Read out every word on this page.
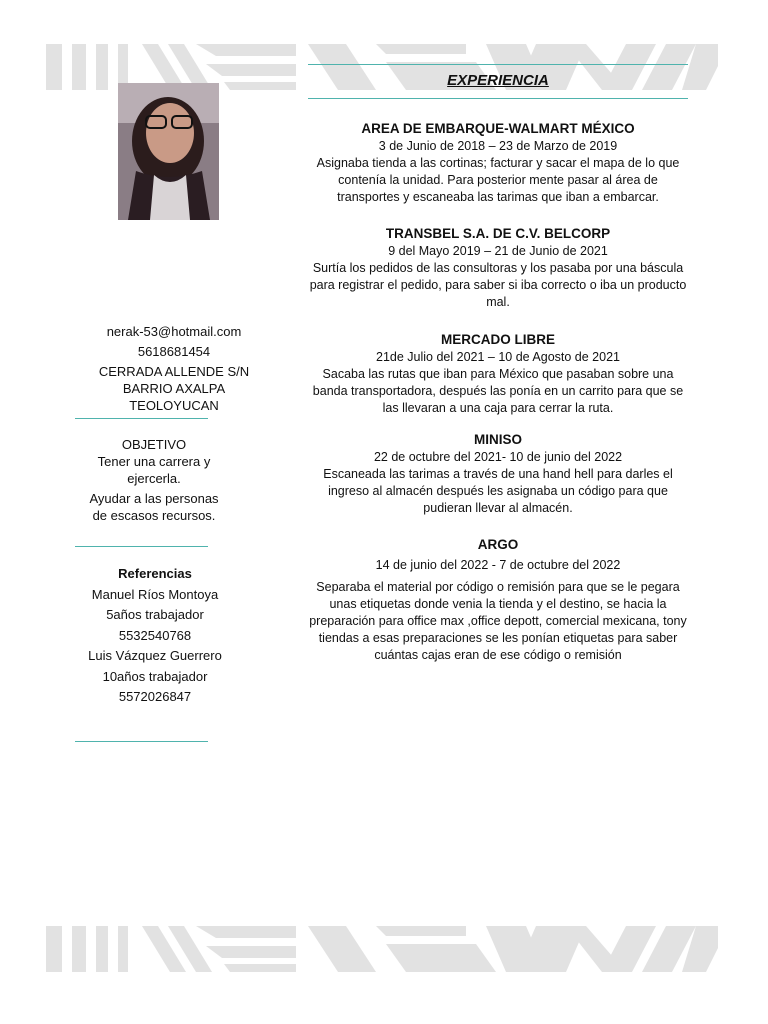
nerak-53@hotmail.com

5618681454

CERRADA ALLENDE S/N

BARRIO AXALPA

TEOLOYUCAN

OBJETIVO

Tener una carrera y

ejercerla.

Ayudar a las personas

de escasos recursos.

Referencias

Manuel Ríos Montoya

5años trabajador

5532540768

Luis Vázquez Guerrero

10años trabajador

5572026847

EXPERIENCIA

AREA DE EMBARQUE-WALMART MÉXICO

3 de Junio de 2018 – 23 de Marzo de 2019

Asignaba tienda a las cortinas; facturar y sacar el mapa de lo que contenía la unidad. Para posterior mente pasar al área de transportes y escaneaba las tarimas que iban a embarcar.

TRANSBEL S.A. DE C.V. BELCORP

9 del Mayo 2019 – 21 de Junio de 2021

Surtía los pedidos de las consultoras y los pasaba por una báscula para registrar el pedido, para saber si iba correcto o iba un producto mal.

MERCADO LIBRE

21de Julio del 2021 – 10 de Agosto de 2021

Sacaba las rutas que iban para México que pasaban sobre una banda transportadora, después las ponía en un carrito para que se las llevaran a una caja para cerrar la ruta.

MINISO

22 de octubre del 2021- 10 de junio del 2022

Escaneada las tarimas a través de una hand hell para darles el ingreso al almacén después les asignaba un código para que pudieran llevar al almacén.

ARGO

14 de junio del 2022 - 7 de octubre del 2022

Separaba el material por código o remisión para que se le pegara unas etiquetas donde venia la tienda y el destino, se hacia la preparación para office max ,office depott, comercial mexicana, tony tiendas a esas preparaciones se les ponían etiquetas para saber cuántas cajas eran de ese código o remisión
